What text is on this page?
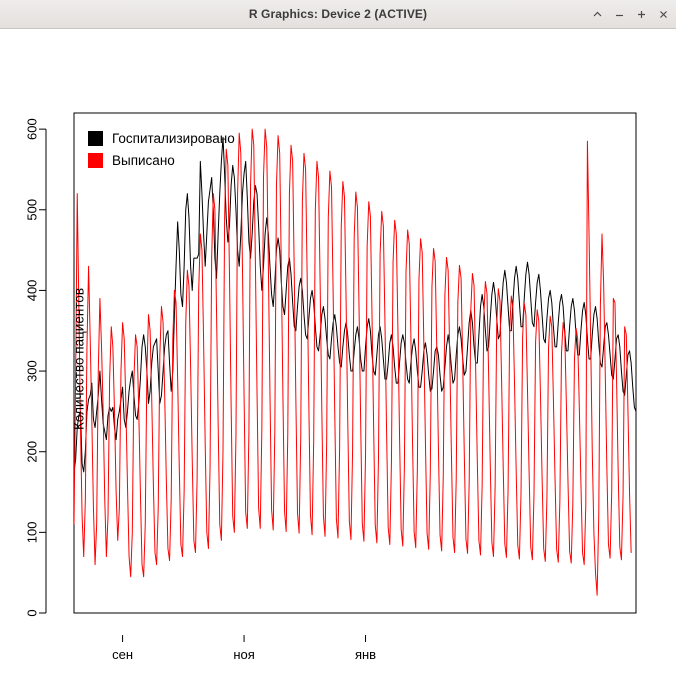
R Graphics: Device 2 (ACTIVE)
0
100
200
300
400
500
600
сен	ноя	янв
Количество пациентов
Госпитализировано
Выписано
